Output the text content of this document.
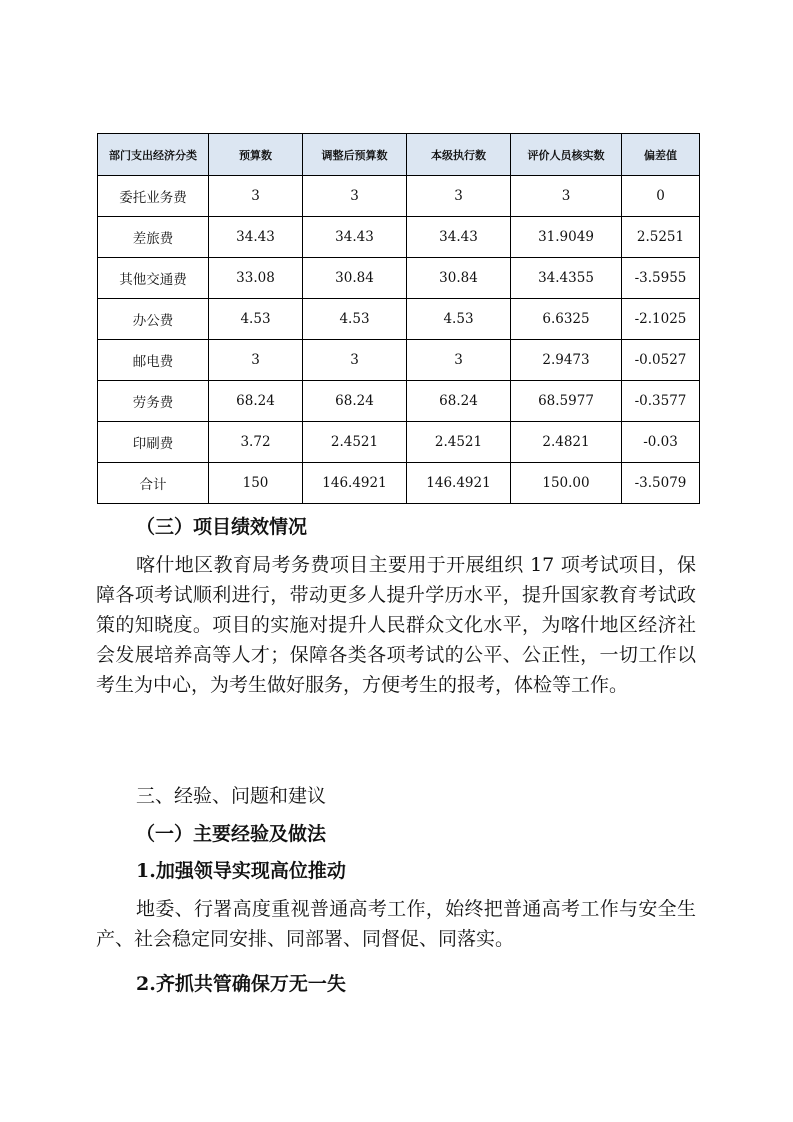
部门支出经济分类	预算数	调整后预算数	本级执行数	评价人员核实数	偏差值
委托业务费	3	3	3	3	0
差旅费	34.43	34.43	34.43	31.9049	2.5251
其他交通费	33.08	30.84	30.84	34.4355	-3.5955
办公费	4.53	4.53	4.53	6.6325	-2.1025
邮电费	3	3	3	2.9473	-0.0527
劳务费	68.24	68.24	68.24	68.5977	-0.3577
印刷费	3.72	2.4521	2.4521	2.4821	-0.03
合计	150	146.4921	146.4921	150.00	-3.5079
（三）项目绩效情况
喀什地区教育局考务费项目主要用于开展组织 17 项考试项目，保障各项考试顺利进行，带动更多人提升学历水平，提升国家教育考试政策的知晓度。项目的实施对提升人民群众文化水平，为喀什地区经济社会发展培养高等人才；保障各类各项考试的公平、公正性，一切工作以考生为中心，为考生做好服务，方便考生的报考，体检等工作。
三、经验、问题和建议
（一）主要经验及做法
1.加强领导实现高位推动
地委、行署高度重视普通高考工作，始终把普通高考工作与安全生产、社会稳定同安排、同部署、同督促、同落实。
2.齐抓共管确保万无一失
